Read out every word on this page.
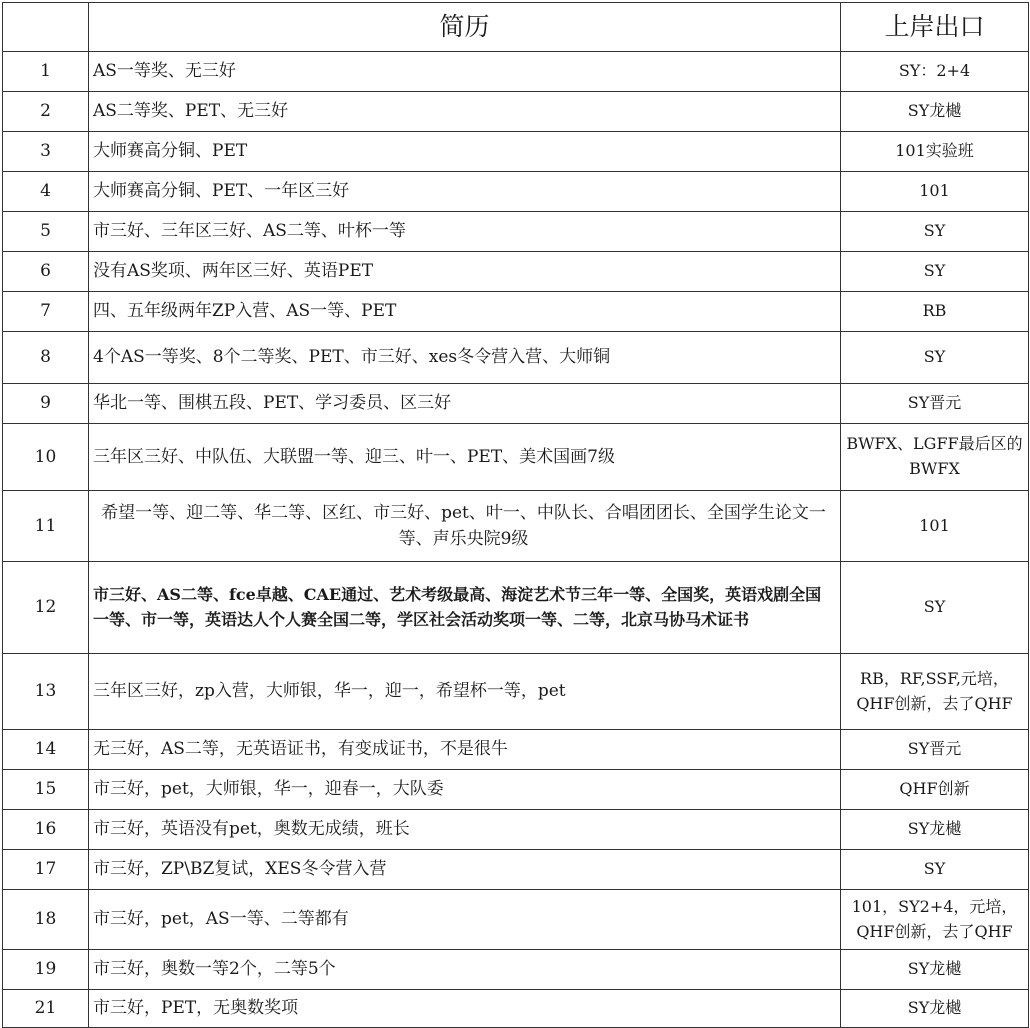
	简历	上岸出口
1	AS一等奖、无三好	SY：2+4
2	AS二等奖、PET、无三好	SY龙樾
3	大师赛高分铜、PET	101实验班
4	大师赛高分铜、PET、一年区三好	101
5	市三好、三年区三好、AS二等、叶杯一等	SY
6	没有AS奖项、两年区三好、英语PET	SY
7	四、五年级两年ZP入营、AS一等、PET	RB
8	4个AS一等奖、8个二等奖、PET、市三好、xes冬令营入营、大师铜	SY
9	华北一等、围棋五段、PET、学习委员、区三好	SY晋元
10	三年区三好、中队伍、大联盟一等、迎三、叶一、PET、美术国画7级	BWFX、LGFF最后区的BWFX
11	希望一等、迎二等、华二等、区红、市三好、pet、叶一、中队长、合唱团团长、全国学生论文一等、声乐央院9级	101
12	市三好、AS二等、fce卓越、CAE通过、艺术考级最高、海淀艺术节三年一等、全国奖，英语戏剧全国一等、市一等，英语达人个人赛全国二等，学区社会活动奖项一等、二等，北京马协马术证书	SY
13	三年区三好，zp入营，大师银，华一，迎一，希望杯一等，pet	RB，RF,SSF,元培，QHF创新，去了QHF
14	无三好，AS二等，无英语证书，有变成证书，不是很牛	SY晋元
15	市三好，pet，大师银，华一，迎春一，大队委	QHF创新
16	市三好，英语没有pet，奥数无成绩，班长	SY龙樾
17	市三好，ZP\BZ复试，XES冬令营入营	SY
18	市三好，pet，AS一等、二等都有	101，SY2+4，元培，QHF创新，去了QHF
19	市三好，奥数一等2个，二等5个	SY龙樾
21	市三好，PET，无奥数奖项	SY龙樾
